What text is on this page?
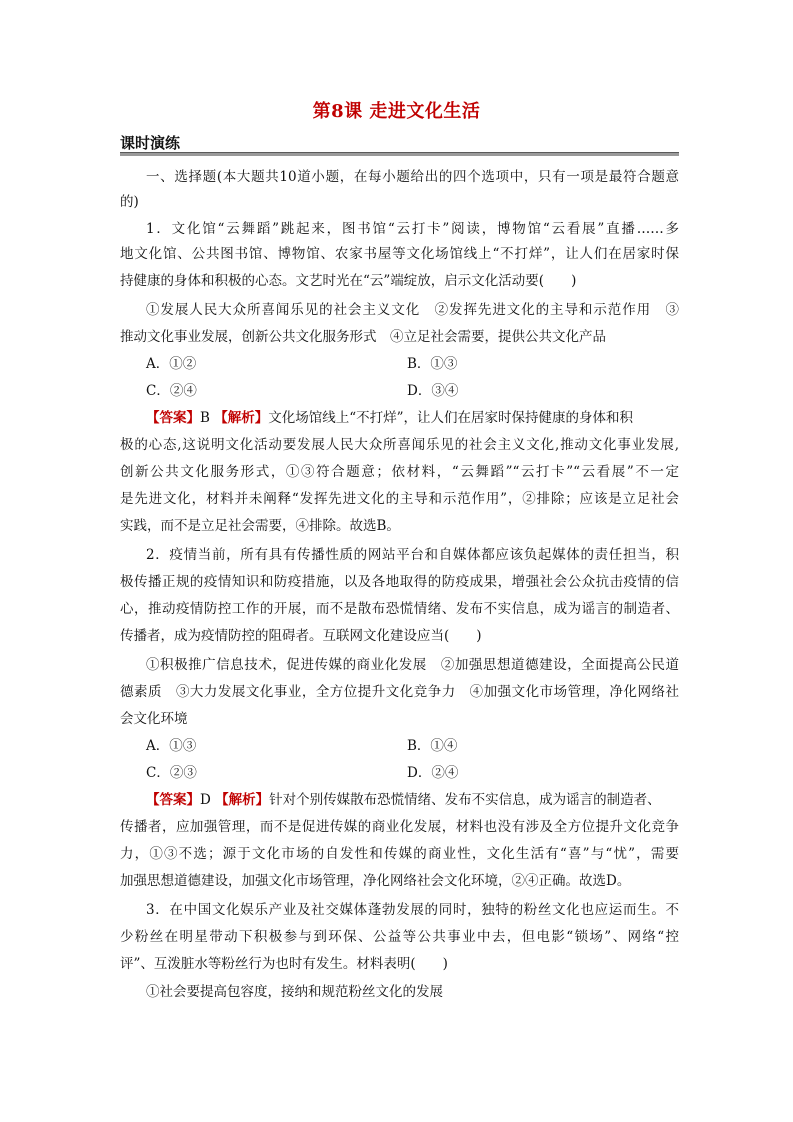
第8课 走进文化生活
课时演练
一、选择题(本大题共10道小题，在每小题给出的四个选项中，只有一项是最符合题意
的)
1．文化馆“云舞蹈”跳起来，图书馆“云打卡”阅读，博物馆“云看展”直播……多
地文化馆、公共图书馆、博物馆、农家书屋等文化场馆线上“不打烊”，让人们在居家时保
持健康的身体和积极的心态。文艺时光在“云”端绽放，启示文化活动要(　　)
①发展人民大众所喜闻乐见的社会主义文化　②发挥先进文化的主导和示范作用　③
推动文化事业发展，创新公共文化服务形式　④立足社会需要，提供公共文化产品
A．①②	B．①③
C．②④	D．③④
【答案】B 【解析】文化场馆线上“不打烊”，让人们在居家时保持健康的身体和积
极的心态,这说明文化活动要发展人民大众所喜闻乐见的社会主义文化,推动文化事业发展,
创新公共文化服务形式，①③符合题意；依材料，“云舞蹈”“云打卡”“云看展”不一定
是先进文化，材料并未阐释“发挥先进文化的主导和示范作用”，②排除；应该是立足社会
实践，而不是立足社会需要，④排除。故选B。
2．疫情当前，所有具有传播性质的网站平台和自媒体都应该负起媒体的责任担当，积
极传播正规的疫情知识和防疫措施，以及各地取得的防疫成果，增强社会公众抗击疫情的信
心，推动疫情防控工作的开展，而不是散布恐慌情绪、发布不实信息，成为谣言的制造者、
传播者，成为疫情防控的阻碍者。互联网文化建设应当(　　)
①积极推广信息技术，促进传媒的商业化发展　②加强思想道德建设，全面提高公民道
德素质　③大力发展文化事业，全方位提升文化竞争力　④加强文化市场管理，净化网络社
会文化环境
A．①③	B．①④
C．②③	D．②④
【答案】D 【解析】针对个别传媒散布恐慌情绪、发布不实信息，成为谣言的制造者、
传播者，应加强管理，而不是促进传媒的商业化发展，材料也没有涉及全方位提升文化竞争
力，①③不选；源于文化市场的自发性和传媒的商业性，文化生活有“喜”与“忧”，需要
加强思想道德建设，加强文化市场管理，净化网络社会文化环境，②④正确。故选D。
3．在中国文化娱乐产业及社交媒体蓬勃发展的同时，独特的粉丝文化也应运而生。不
少粉丝在明星带动下积极参与到环保、公益等公共事业中去，但电影“锁场”、网络“控
评”、互泼脏水等粉丝行为也时有发生。材料表明(　　)
①社会要提高包容度，接纳和规范粉丝文化的发展
